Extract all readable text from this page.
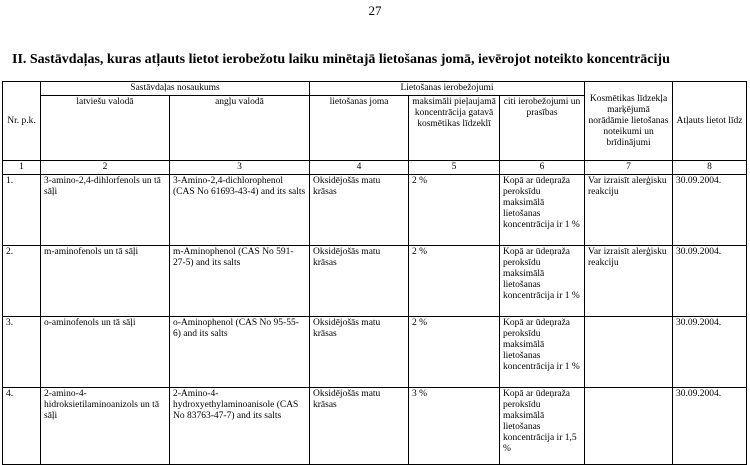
27
II. Sastāvdaļas, kuras atļauts lietot ierobežotu laiku minētajā lietošanas jomā, ievērojot noteikto koncentrāciju
Nr. p.k.	Sastāvdaļas nosaukums		Lietošanas ierobežojumi			Kosmētikas līdzekļa marķējumā norādāmie lietošanas noteikumi un brīdinājumi	Atļauts lietot līdz
	latviešu valodā	angļu valodā	lietošanas joma	maksimāli pieļaujamā koncentrācija gatavā kosmētikas līdzeklī	citi ierobežojumi un prasības		
1	2	3	4	5	6	7	8
1.	3-amino-2,4-dihlorfenols un tā sāļi	3-Amino-2,4-dichlorophenol (CAS No 61693-43-4) and its salts	Oksidējošās matu krāsas	2 %	Kopā ar ūdeņraža peroksīdu maksimālā lietošanas koncentrācija ir 1 %	Var izraisīt alerģisku reakciju	30.09.2004.
2.	m-aminofenols un tā sāļi	m-Aminophenol (CAS No 591-27-5) and its salts	Oksidējošās matu krāsas	2 %	Kopā ar ūdeņraža peroksīdu maksimālā lietošanas koncentrācija ir 1 %	Var izraisīt alerģisku reakciju	30.09.2004.
3.	o-aminofenols un tā sāļi	o-Aminophenol (CAS No 95-55-6) and its salts	Oksidējošās matu krāsas	2 %	Kopā ar ūdeņraža peroksīdu maksimālā lietošanas koncentrācija ir 1 %		30.09.2004.
4.	2-amino-4-hidroksietilaminoanizols un tā sāļi	2-Amino-4-hydroxyethylaminoanisole (CAS No 83763-47-7) and its salts	Oksidējošās matu krāsas	3 %	Kopā ar ūdeņraža peroksīdu maksimālā lietošanas koncentrācija ir 1,5 %		30.09.2004.
